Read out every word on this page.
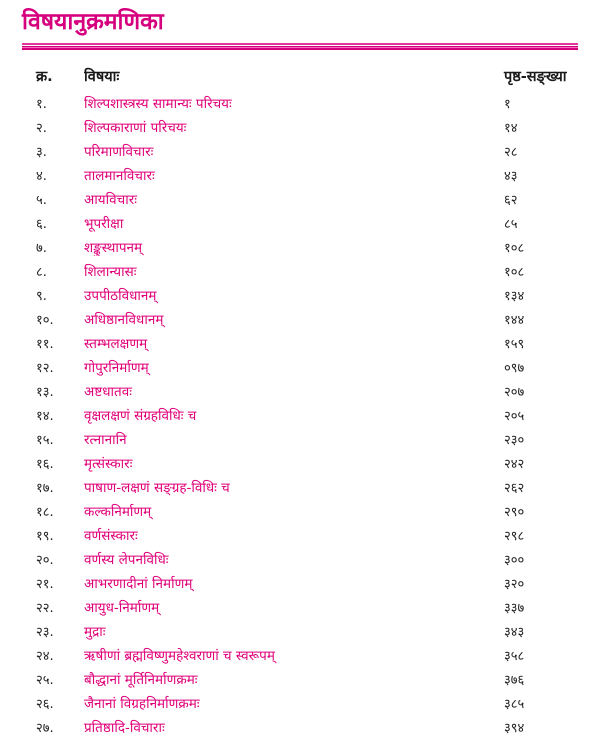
विषयानुक्रमणिका
क्र.	विषयाः	पृष्ठ-सङ्ख्या
१.	शिल्पशास्त्रस्य सामान्यः परिचयः	१
२.	शिल्पकाराणां परिचयः	१४
३.	परिमाणविचारः	२८
४.	तालमानविचारः	४३
५.	आयविचारः	६२
६.	भूपरीक्षा	८५
७.	शङ्कुस्थापनम्	१०८
८.	शिलान्यासः	१०८
९.	उपपीठविधानम्	१३४
१०.	अधिष्ठानविधानम्	१४४
११.	स्तम्भलक्षणम्	१५९
१२.	गोपुरनिर्माणम्	०९७
१३.	अष्टधातवः	२०७
१४.	वृक्षलक्षणं संग्रहविधिः च	२०५
१५.	रत्नानानि	२३०
१६.	मृत्संस्कारः	२४२
१७.	पाषाण-लक्षणं सङ्ग्रह-विधिः च	२६२
१८.	कल्कनिर्माणम्	२९०
१९.	वर्णसंस्कारः	२९८
२०.	वर्णस्य लेपनविधिः	३००
२१.	आभरणादीनां निर्माणम्	३२०
२२.	आयुध-निर्माणम्	३३७
२३.	मुद्राः	३४३
२४.	ऋषीणां ब्रह्मविष्णुमहेश्वराणां च स्वरूपम्	३५८
२५.	बौद्धानां मूर्तिनिर्माणक्रमः	३७६
२६.	जैनानां विग्रहनिर्माणक्रमः	३८५
२७.	प्रतिष्ठादि-विचाराः	३९४
